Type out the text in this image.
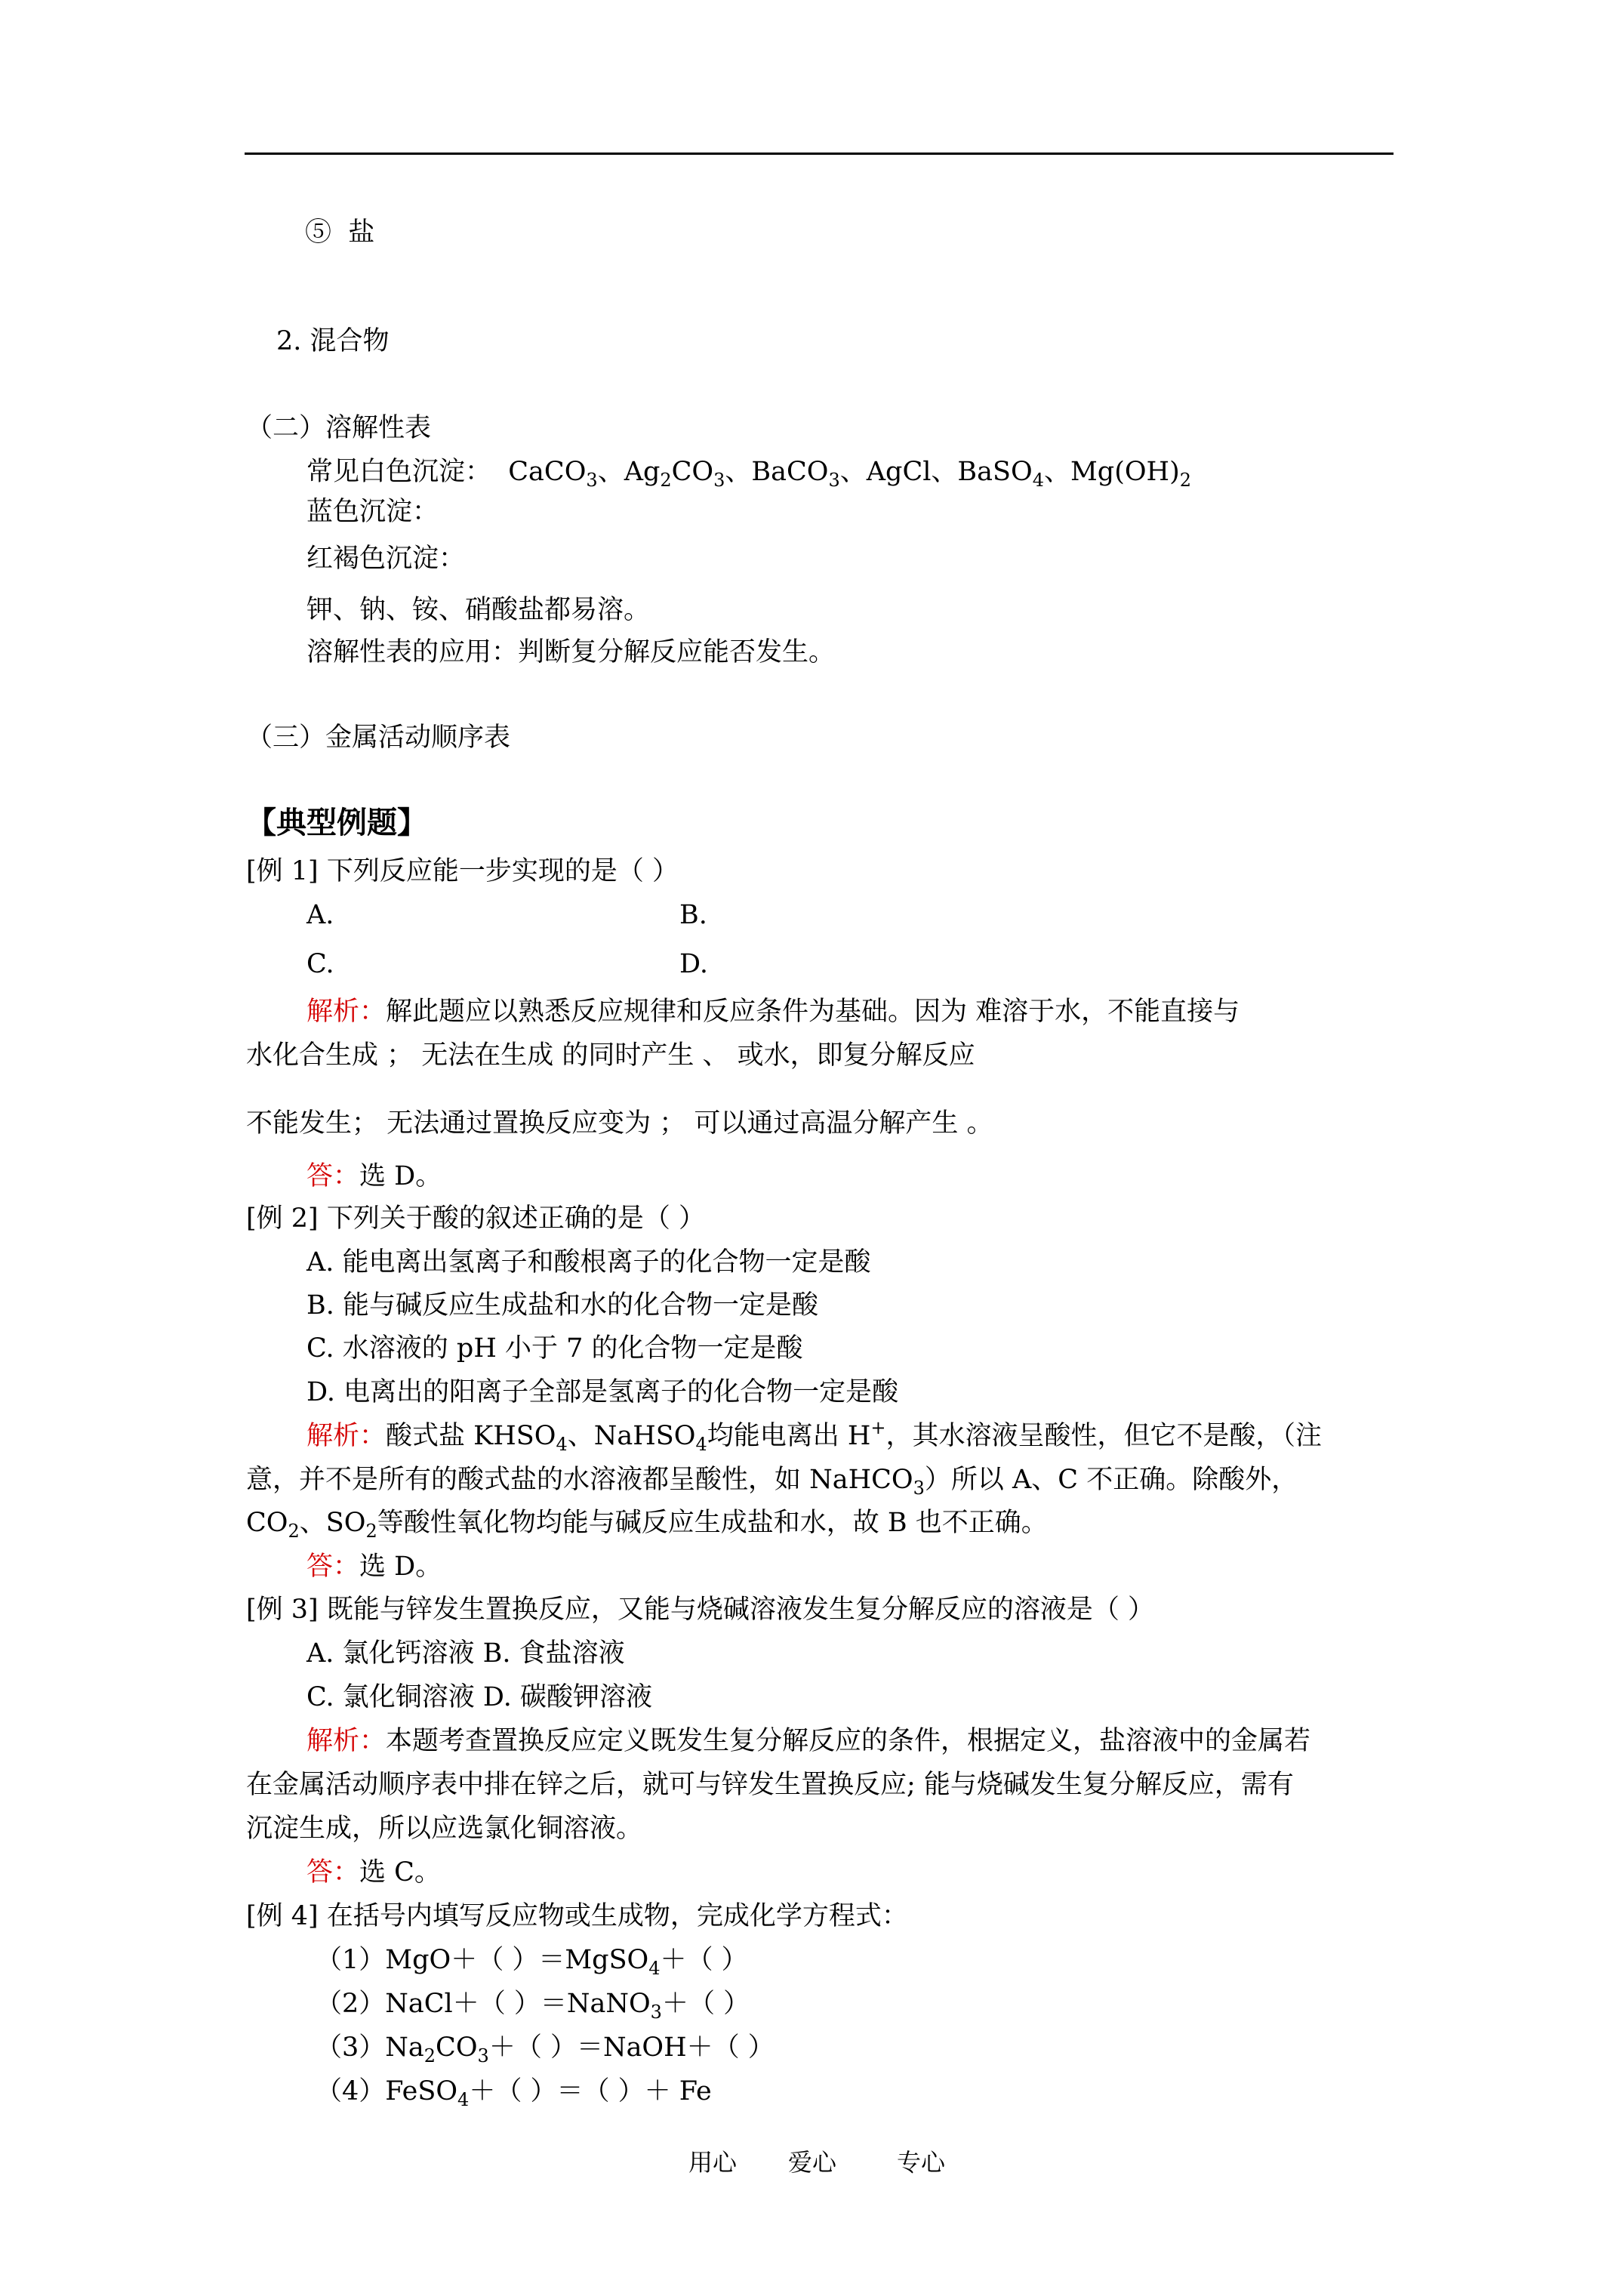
⑤ 盐
2. 混合物
（二）溶解性表
常见白色沉淀： CaCO$_3$、$Ag_2CO_3$、BaCO$_3$、AgCl、BaSO$_4$、$Mg(OH)_2$
蓝色沉淀：
红褐色沉淀：
钾、钠、铵、硝酸盐都易溶。
溶解性表的应用：判断复分解反应能否发生。
（三）金属活动顺序表
【典型例题】
[例 1] 下列反应能一步实现的是（ ）
A.	B.
C.	D.
解析：解此题应以熟悉反应规律和反应条件为基础。因为 难溶于水，不能直接与
水化合生成 ； 无法在生成 的同时产生 、 或水，即复分解反应
不能发生； 无法通过置换反应变为 ； 可以通过高温分解产生 。
答：选 D。
[例 2] 下列关于酸的叙述正确的是（ ）
A. 能电离出氢离子和酸根离子的化合物一定是酸
B. 能与碱反应生成盐和水的化合物一定是酸
C. 水溶液的 pH 小于 7 的化合物一定是酸
D. 电离出的阳离子全部是氢离子的化合物一定是酸
解析：酸式盐 $KHSO_4$、NaHSO$_4$均能电离出 H+，其水溶液呈酸性，但它不是酸，（注
意，并不是所有的酸式盐的水溶液都呈酸性，如 NaHCO$_3$）所以 A、C 不正确。除酸外，
$CO_2$、$SO_2$等酸性氧化物均能与碱反应生成盐和水，故 B 也不正确。
答：选 D。
[例 3] 既能与锌发生置换反应，又能与烧碱溶液发生复分解反应的溶液是（ ）
A. 氯化钙溶液 B. 食盐溶液
C. 氯化铜溶液 D. 碳酸钾溶液
解析：本题考查置换反应定义既发生复分解反应的条件，根据定义，盐溶液中的金属若
在金属活动顺序表中排在锌之后，就可与锌发生置换反应; 能与烧碱发生复分解反应，需有
沉淀生成，所以应选氯化铜溶液。
答：选 C。
[例 4] 在括号内填写反应物或生成物，完成化学方程式：
（1）MgO＋（ ）＝MgSO$_4$＋（ ）
（2）NaCl＋（ ）＝NaNO$_3$＋（ ）
$(3)Na_2CO_3+$（ ）＝NaOH＋（ ）
（4）FeSO$_4$＋（ ）＝（ ）＋ Fe
用心 爱心 专心
